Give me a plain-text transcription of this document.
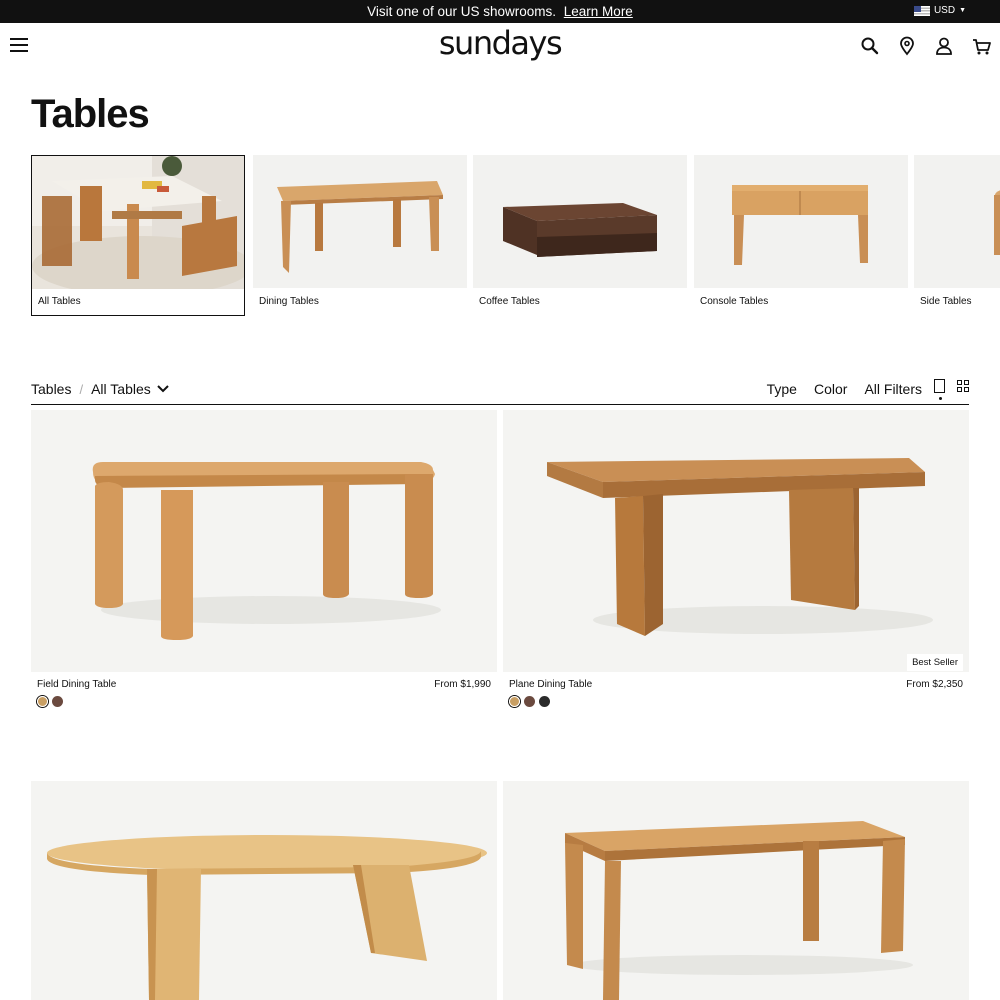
Visit one of our US showrooms. Learn More	USD ▼
sundays
Tables
All Tables	Dining Tables	Coffee Tables	Console Tables	Side Tables
Tables / All Tables	Type Color All Filters
Field Dining Table	From $1,990
Best Seller
Plane Dining Table	From $2,350
